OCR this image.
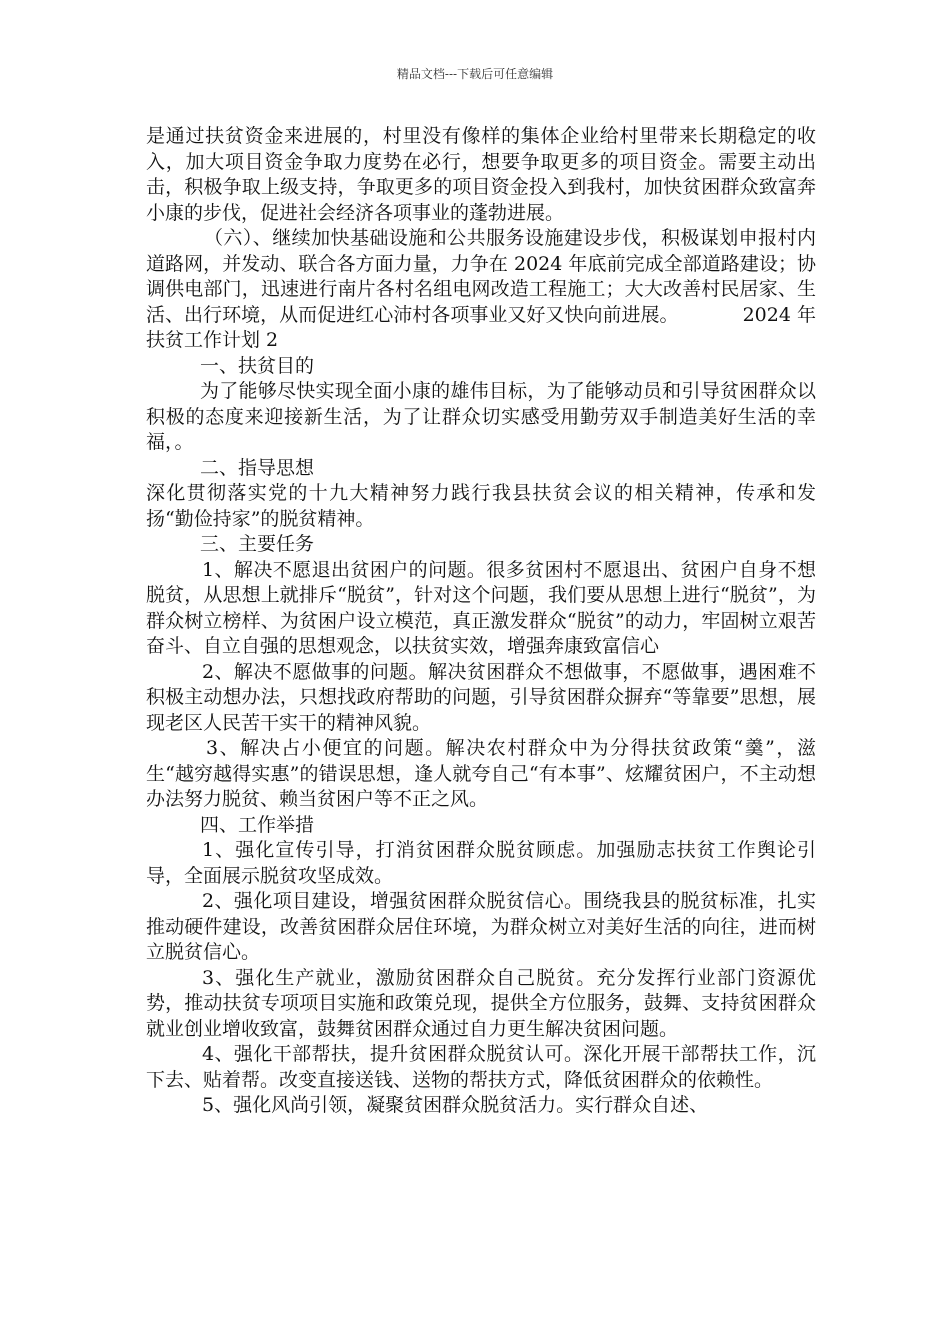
精品文档---下载后可任意编辑

是通过扶贫资金来进展的，村里没有像样的集体企业给村里带来长期稳定的收入，加大项目资金争取力度势在必行，想要争取更多的项目资金。需要主动出击，积极争取上级支持，争取更多的项目资金投入到我村，加快贫困群众致富奔小康的步伐，促进社会经济各项事业的蓬勃进展。

（六）、继续加快基础设施和公共服务设施建设步伐，积极谋划申报村内道路网，并发动、联合各方面力量，力争在 2024 年底前完成全部道路建设；协调供电部门，迅速进行南片各村名组电网改造工程施工；大大改善村民居家、生活、出行环境，从而促进红心沛村各项事业又好又快向前进展。	2024 年扶贫工作计划 2

一、扶贫目的

为了能够尽快实现全面小康的雄伟目标，为了能够动员和引导贫困群众以积极的态度来迎接新生活，为了让群众切实感受用勤劳双手制造美好生活的幸福，。

二、指导思想

深化贯彻落实党的十九大精神努力践行我县扶贫会议的相关精神，传承和发扬“勤俭持家”的脱贫精神。

三、主要任务

1、解决不愿退出贫困户的问题。很多贫困村不愿退出、贫困户自身不想脱贫，从思想上就排斥“脱贫”，针对这个问题，我们要从思想上进行“脱贫”，为群众树立榜样、为贫困户设立模范，真正激发群众“脱贫”的动力，牢固树立艰苦奋斗、自立自强的思想观念，以扶贫实效，增强奔康致富信心

2、解决不愿做事的问题。解决贫困群众不想做事，不愿做事，遇困难不积极主动想办法，只想找政府帮助的问题，引导贫困群众摒弃“等靠要”思想，展现老区人民苦干实干的精神风貌。

3、解决占小便宜的问题。解决农村群众中为分得扶贫政策“羹”，滋生“越穷越得实惠”的错误思想，逢人就夸自己“有本事”、炫耀贫困户，不主动想办法努力脱贫、赖当贫困户等不正之风。

四、工作举措

1、强化宣传引导，打消贫困群众脱贫顾虑。加强励志扶贫工作舆论引导，全面展示脱贫攻坚成效。

2、强化项目建设，增强贫困群众脱贫信心。围绕我县的脱贫标准，扎实推动硬件建设，改善贫困群众居住环境，为群众树立对美好生活的向往，进而树立脱贫信心。

3、强化生产就业，激励贫困群众自己脱贫。充分发挥行业部门资源优势，推动扶贫专项项目实施和政策兑现，提供全方位服务，鼓舞、支持贫困群众就业创业增收致富，鼓舞贫困群众通过自力更生解决贫困问题。

4、强化干部帮扶，提升贫困群众脱贫认可。深化开展干部帮扶工作，沉下去、贴着帮。改变直接送钱、送物的帮扶方式，降低贫困群众的依赖性。

5、强化风尚引领，凝聚贫困群众脱贫活力。实行群众自述、
